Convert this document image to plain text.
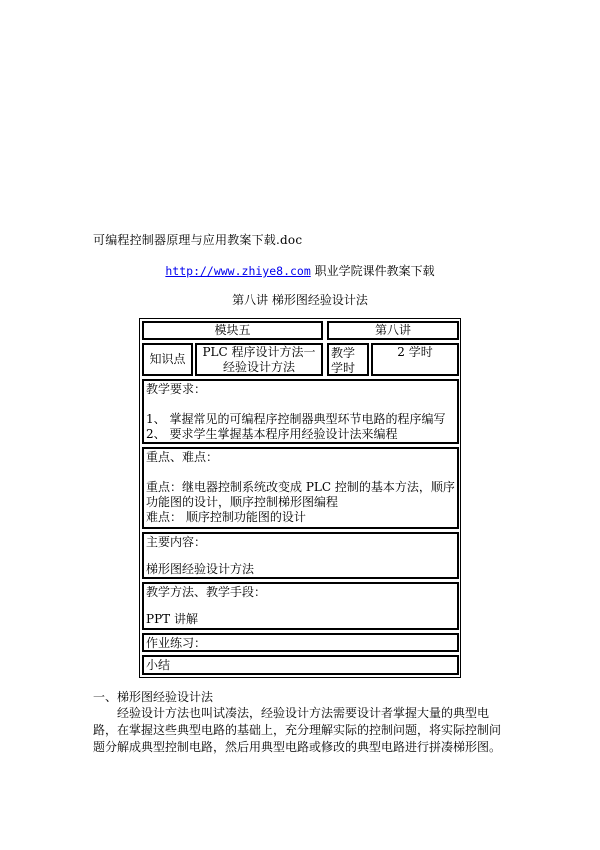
可编程控制器原理与应用教案下载.doc
http://www.zhiye8.com 职业学院课件教案下载
第八讲 梯形图经验设计法
模块五	第八讲
知识点	PLC 程序设计方法一 经验设计方法
教学学时
2 学时
教学要求：
1、 掌握常见的可编程序控制器典型环节电路的程序编写
2、 要求学生掌握基本程序用经验设计法来编程
重点、难点：
重点：继电器控制系统改变成 PLC 控制的基本方法，顺序功能图的设计，顺序控制梯形图编程
难点： 顺序控制功能图的设计
主要内容：
梯形图经验设计方法
教学方法、教学手段：
PPT 讲解
作业练习：
小结
一、梯形图经验设计法
经验设计方法也叫试凑法，经验设计方法需要设计者掌握大量的典型电路，在掌握这些典型电路的基础上，充分理解实际的控制问题，将实际控制问题分解成典型控制电路，然后用典型电路或修改的典型电路进行拼凑梯形图。
